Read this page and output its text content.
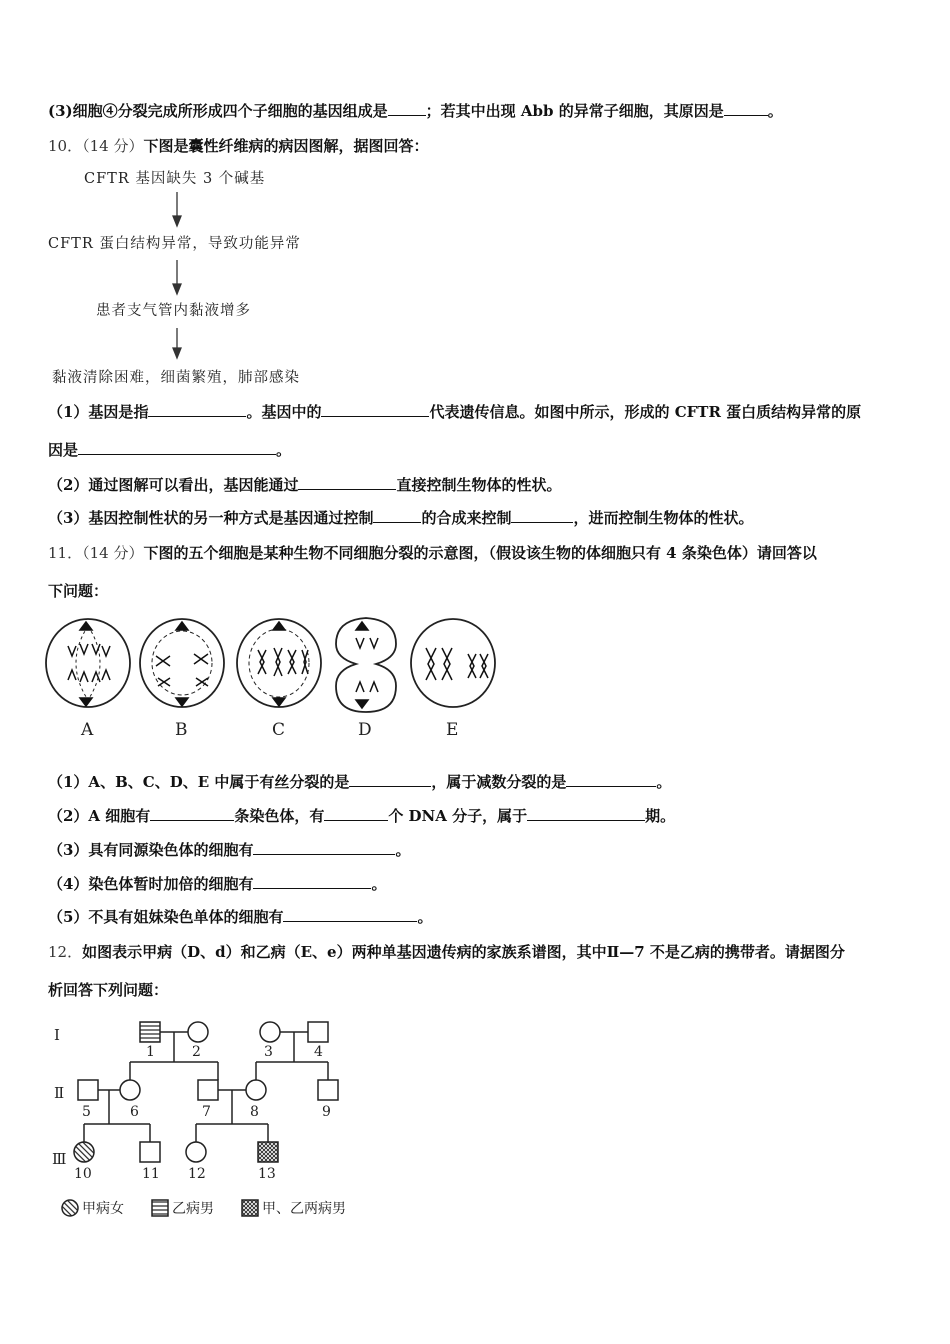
(3)细胞④分裂完成所形成四个子细胞的基因组成是	；若其中出现 Abb 的异常子细胞，其原因是	。
10．（14 分）下图是囊性纤维病的病因图解，据图回答：
CFTR 基因缺失 3 个碱基
CFTR 蛋白结构异常，导致功能异常
患者支气管内黏液增多
黏液清除困难，细菌繁殖，肺部感染
（1）基因是指	。基因中的	代表遗传信息。如图中所示，形成的 CFTR 蛋白质结构异常的原
因是	。
（2）通过图解可以看出，基因能通过	直接控制生物体的性状。
（3）基因控制性状的另一种方式是基因通过控制	的合成来控制	，进而控制生物体的性状。
11．（14 分）下图的五个细胞是某种生物不同细胞分裂的示意图，（假设该生物的体细胞只有 4 条染色体）请回答以
下问题：
A	B	C	D	E
（1）A、B、C、D、E 中属于有丝分裂的是	，属于减数分裂的是	。
（2）A 细胞有	条染色体，有	个 DNA 分子，属于	期。
（3）具有同源染色体的细胞有	。
（4）染色体暂时加倍的细胞有	。
（5）不具有姐妹染色单体的细胞有	。
12．如图表示甲病（D、d）和乙病（E、e）两种单基因遗传病的家族系谱图，其中Ⅱ—7 不是乙病的携带者。请据图分
析回答下列问题：
Ⅰ
Ⅱ
Ⅲ
1	2	3	4
5	6	7	8	9
10	11 12	13
甲病女	乙病男	甲、乙两病男
